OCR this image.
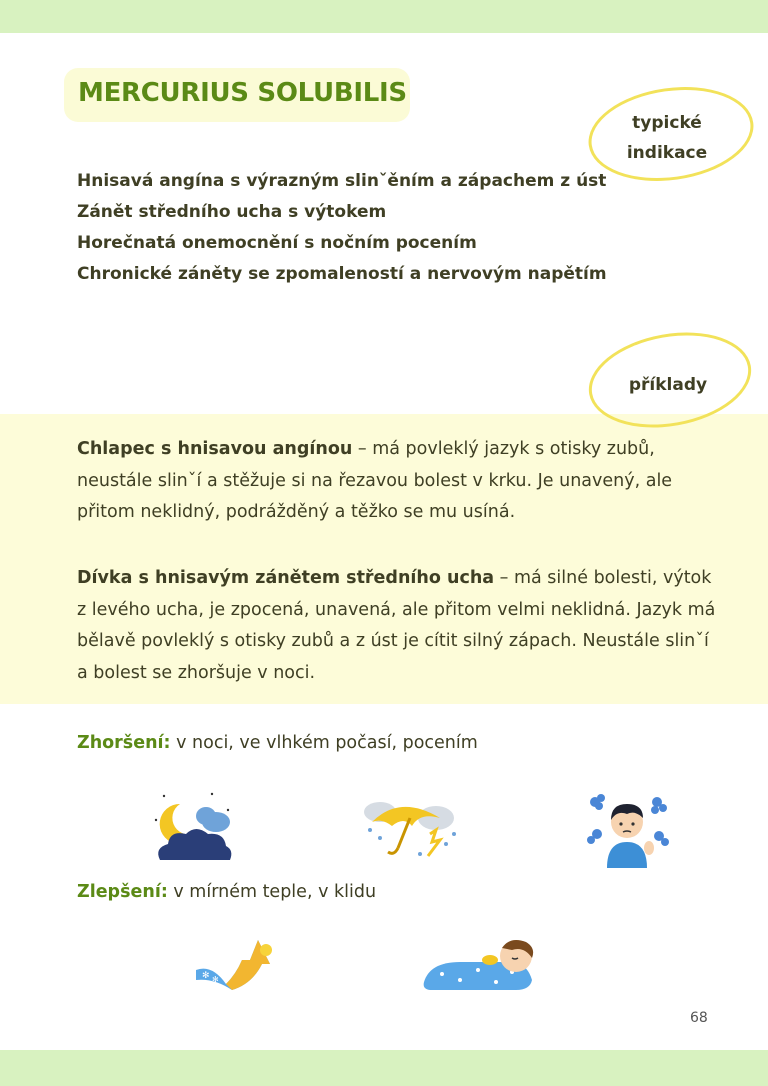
MERCURIUS SOLUBILIS
typické
indikace
Hnisavá angína s výrazným slinˇěním a zápachem z úst
Zánět středního ucha s výtokem
Horečnatá onemocnění s nočním pocením
Chronické záněty se zpomaleností a nervovým napětím
příklady

Chlapec s hnisavou angínou – má povleklý jazyk s otisky zubů, neustále slinˇí a stěžuje si na řezavou bolest v krku. Je unavený, ale přitom neklidný, podrážděný a těžko se mu usíná.

Dívka s hnisavým zánětem středního ucha – má silné bolesti, výtok z levého ucha, je zpocená, unavená, ale přitom velmi neklidná. Jazyk má bělavě povleklý s otisky zubů a z úst je cítit silný zápach. Neustále slinˇí a bolest se zhoršuje v noci.

Zhoršení: v noci, ve vlhkém počasí, pocením
Zlepšení: v mírném teple, v klidu
✻ ✻
68
